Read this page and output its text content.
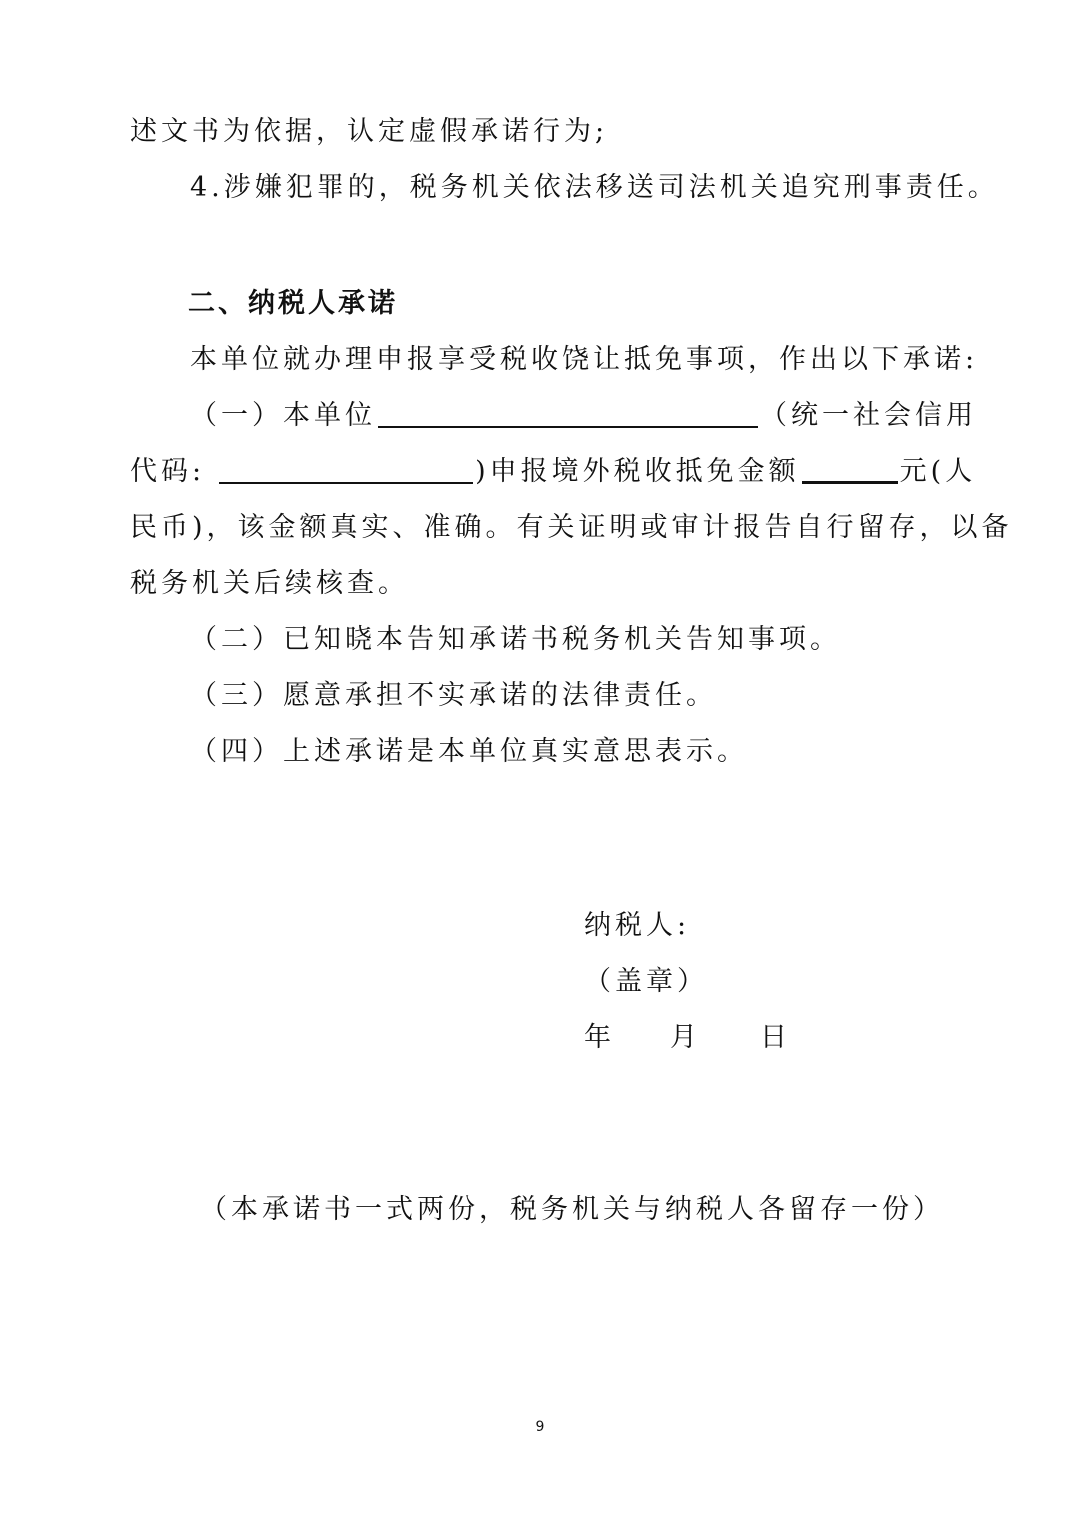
述文书为依据，认定虚假承诺行为;
4.涉嫌犯罪的，税务机关依法移送司法机关追究刑事责任。
二、纳税人承诺
本单位就办理申报享受税收饶让抵免事项，作出以下承诺:
（一）本单位	（统一社会信用
代码:	)申报境外税收抵免金额	元(人
民币)，该金额真实、准确。有关证明或审计报告自行留存，以备
税务机关后续核查。
（二）已知晓本告知承诺书税务机关告知事项。
（三）愿意承担不实承诺的法律责任。
（四）上述承诺是本单位真实意思表示。
纳税人:
（盖章）
年 月 日
（本承诺书一式两份，税务机关与纳税人各留存一份）
9
